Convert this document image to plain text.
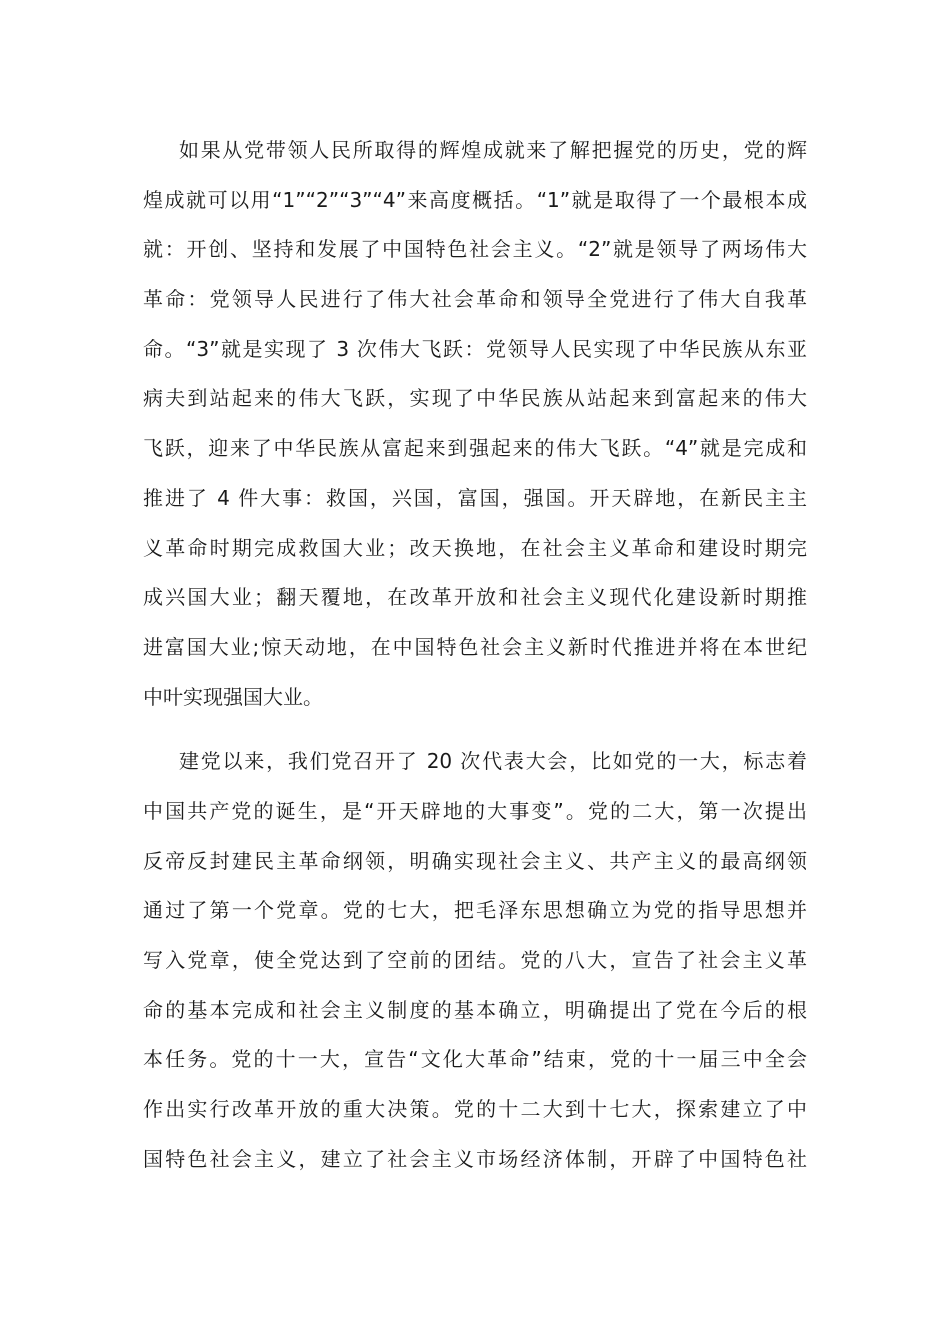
如果从党带领人民所取得的辉煌成就来了解把握党的历史，党的辉
煌成就可以用“1”“2”“3”“4”来高度概括。“1”就是取得了一个最根本成
就：开创、坚持和发展了中国特色社会主义。“2”就是领导了两场伟大
革命：党领导人民进行了伟大社会革命和领导全党进行了伟大自我革
命。“3”就是实现了 3 次伟大飞跃：党领导人民实现了中华民族从东亚
病夫到站起来的伟大飞跃，实现了中华民族从站起来到富起来的伟大
飞跃，迎来了中华民族从富起来到强起来的伟大飞跃。“4”就是完成和
推进了 4 件大事：救国，兴国，富国，强国。开天辟地，在新民主主
义革命时期完成救国大业；改天换地，在社会主义革命和建设时期完
成兴国大业；翻天覆地，在改革开放和社会主义现代化建设新时期推
进富国大业;惊天动地，在中国特色社会主义新时代推进并将在本世纪
中叶实现强国大业。
建党以来，我们党召开了 20 次代表大会，比如党的一大，标志着
中国共产党的诞生，是“开天辟地的大事变”。党的二大，第一次提出
反帝反封建民主革命纲领，明确实现社会主义、共产主义的最高纲领
通过了第一个党章。党的七大，把毛泽东思想确立为党的指导思想并
写入党章，使全党达到了空前的团结。党的八大，宣告了社会主义革
命的基本完成和社会主义制度的基本确立，明确提出了党在今后的根
本任务。党的十一大，宣告“文化大革命”结束，党的十一届三中全会
作出实行改革开放的重大决策。党的十二大到十七大，探索建立了中
国特色社会主义，建立了社会主义市场经济体制，开辟了中国特色社
